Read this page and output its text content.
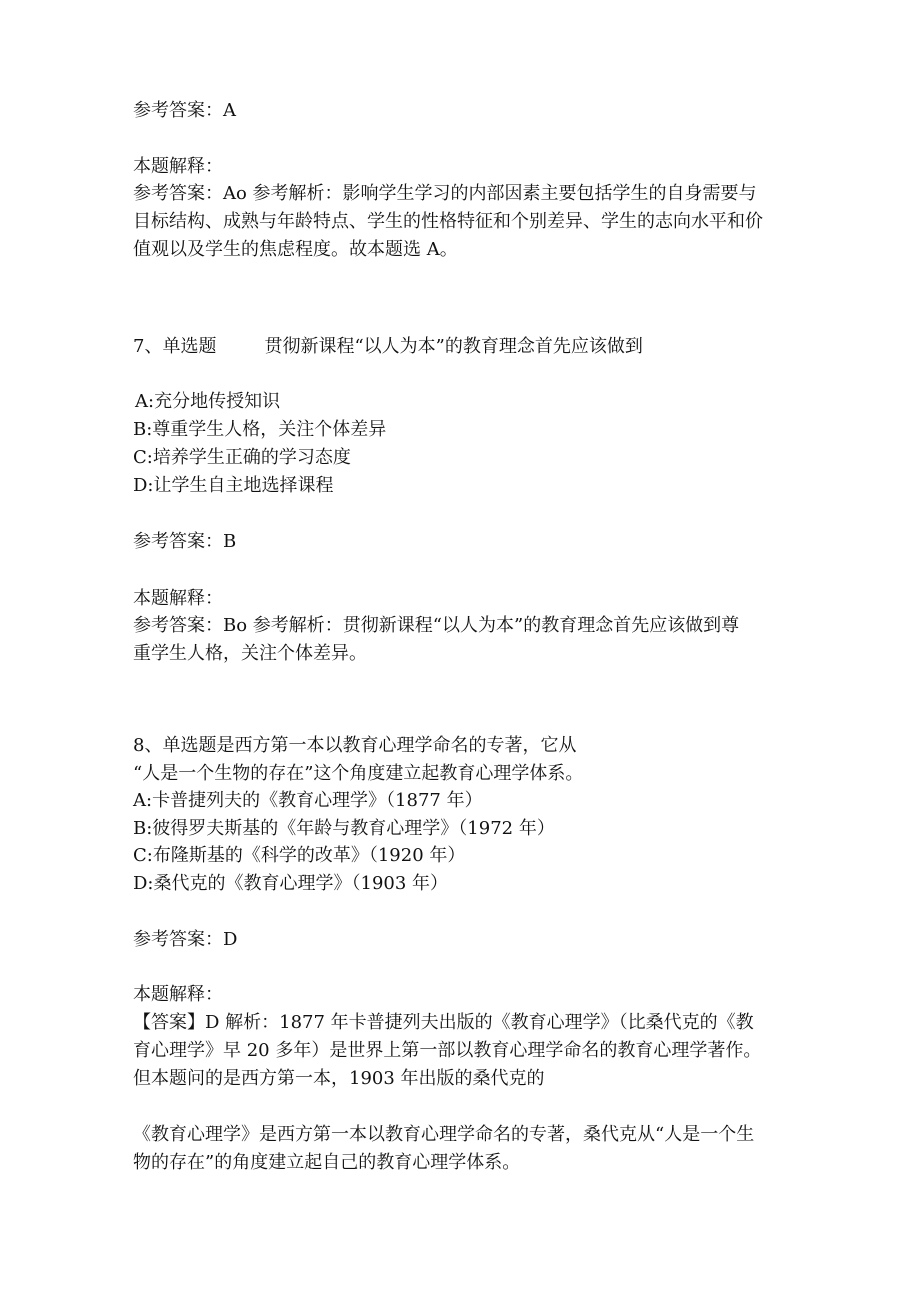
参考答案：A
本题解释：
参考答案：Ao 参考解析：影响学生学习的内部因素主要包括学生的自身需要与
目标结构、成熟与年龄特点、学生的性格特征和个别差异、学生的志向水平和价
值观以及学生的焦虑程度。故本题选 A。
7、单选题	贯彻新课程“以人为本”的教育理念首先应该做到
A:充分地传授知识
B:尊重学生人格，关注个体差异
C:培养学生正确的学习态度
D:让学生自主地选择课程
参考答案：B
本题解释：
参考答案：Bo 参考解析：贯彻新课程“以人为本”的教育理念首先应该做到尊
重学生人格，关注个体差异。
8、单选题是西方第一本以教育心理学命名的专著，它从
“人是一个生物的存在”这个角度建立起教育心理学体系。
A:卡普捷列夫的《教育心理学》（1877 年）
B:彼得罗夫斯基的《年龄与教育心理学》（1972 年）
C:布隆斯基的《科学的改革》（1920 年）
D:桑代克的《教育心理学》（1903 年）
参考答案：D
本题解释：
【答案】D 解析：1877 年卡普捷列夫出版的《教育心理学》（比桑代克的《教
育心理学》早 20 多年）是世界上第一部以教育心理学命名的教育心理学著作。
但本题问的是西方第一本，1903 年出版的桑代克的
《教育心理学》是西方第一本以教育心理学命名的专著，桑代克从“人是一个生
物的存在”的角度建立起自己的教育心理学体系。
